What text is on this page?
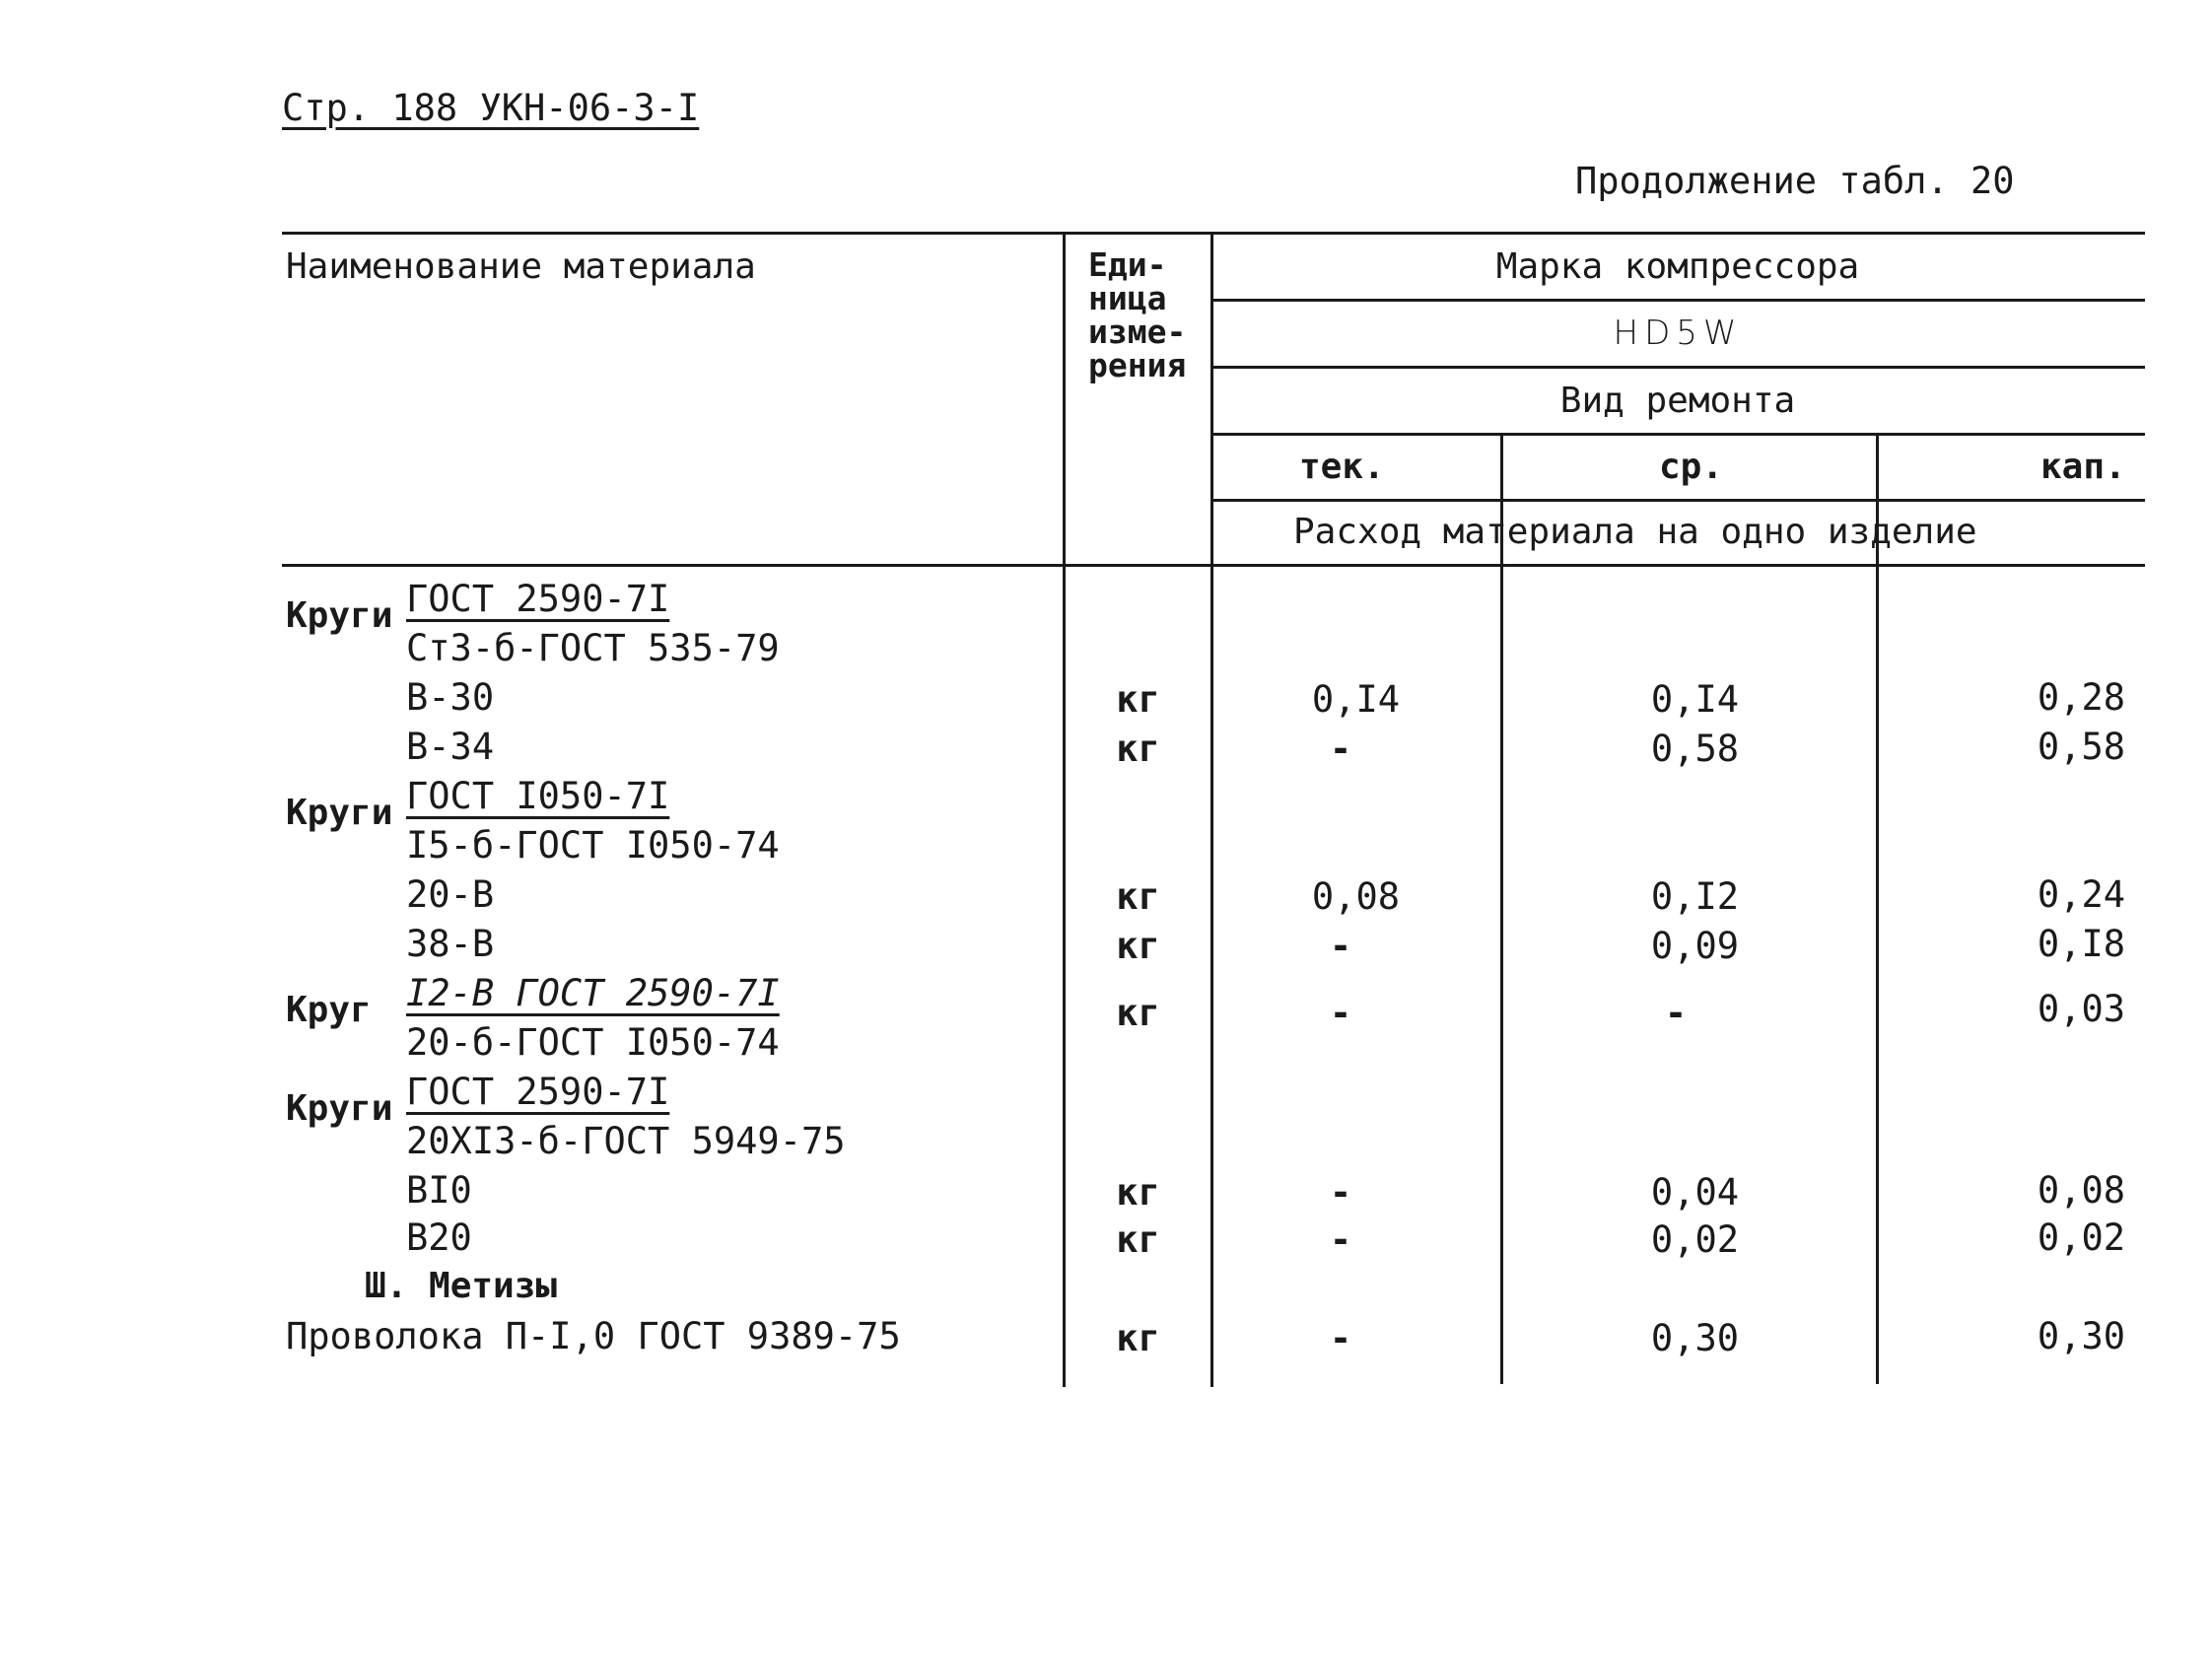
Стр. 188 УКН-06-3-I
Продолжение табл. 20
Наименование материала	Еди-ница изме-рения
Марка компрессора
HD5W
Вид ремонта
тек.	ср.	кап.
Расход материала на одно изделие
Круги ГОСТ 2590-7I
Ст3-б-ГОСТ 535-79
В-30	кг	0,I4	0,I4	0,28
В-34	кг	-	0,58	0,58
Круги ГОСТ I050-7I
I5-б-ГОСТ I050-74
20-В	кг	0,08	0,I2	0,24
38-В	кг	-	0,09	0,I8
Круг I2-В ГОСТ 2590-7I
20-б-ГОСТ I050-74
кг	-	-	0,03
Круги ГОСТ 2590-7I
20XI3-б-ГОСТ 5949-75
BI0	кг	-	0,04	0,08
B20	кг	-	0,02	0,02
Ш. Метизы
Проволока П-I,0 ГОСТ 9389-75	кг	-	0,30	0,30
